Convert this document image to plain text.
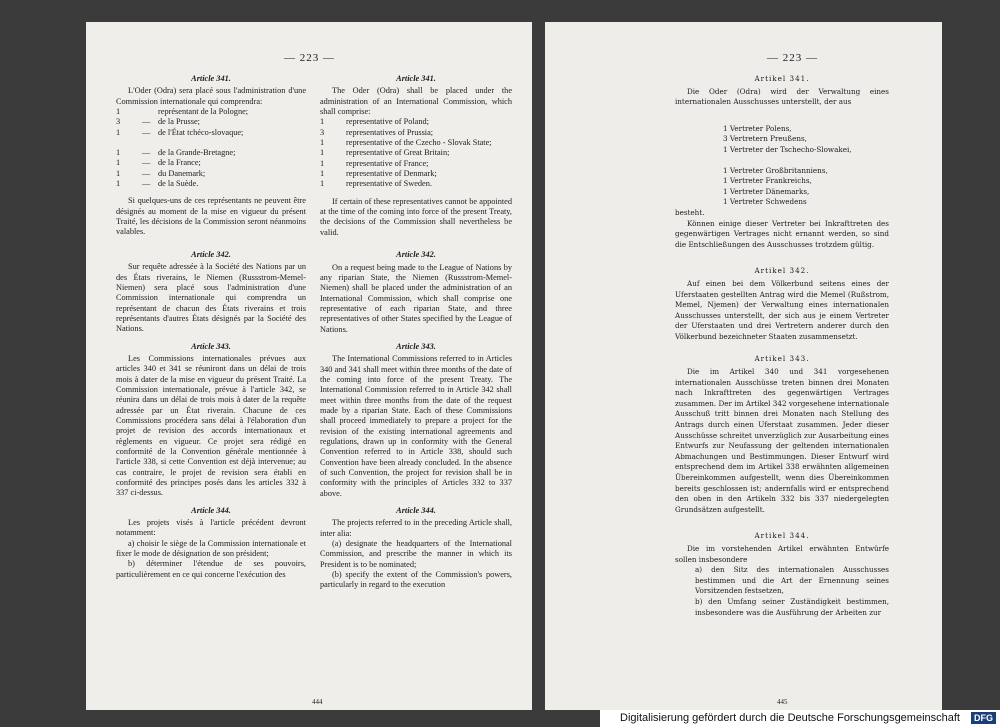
— 223 —

Article 341.

L'Oder (Odra) sera placé sous l'administration d'une Commission internationale qui comprendra:

1	représentant de la Pologne;
3	— de la Prusse;
1	— de l'État tchéco-slovaque;
1	— de la Grande-Bretagne;
1	— de la France;
1	— du Danemark;
1	— de la Suède.

Si quelques-uns de ces représentants ne peuvent être désignés au moment de la mise en vigueur du présent Traité, les décisions de la Commission seront néanmoins valables.

Article 342.

Sur requête adressée à la Société des Nations par un des États riverains, le Niemen (Russstrom-Memel-Niemen) sera placé sous l'administration d'une Commission internationale qui comprendra un représentant de chacun des États riverains et trois représentants d'autres États désignés par la Société des Nations.

Article 343.

Les Commissions internationales prévues aux articles 340 et 341 se réuniront dans un délai de trois mois à dater de la mise en vigueur du présent Traité. La Commission internationale, prévue à l'article 342, se réunira dans un délai de trois mois à dater de la requête adressée par un État riverain. Chacune de ces Commissions procédera sans délai à l'élaboration d'un projet de revision des accords internationaux et règlements en vigueur. Ce projet sera rédigé en conformité de la Convention générale mentionnée à l'article 338, si cette Convention est déjà intervenue; au cas contraire, le projet de revision sera établi en conformité des principes posés dans les articles 332 à 337 ci-dessus.

Article 344.

Les projets visés à l'article précédent devront notamment:

a) choisir le siège de la Commission internationale et fixer le mode de désignation de son président;

b) déterminer l'étendue de ses pouvoirs, particulièrement en ce qui concerne l'exécution des

Article 341.

The Oder (Odra) shall be placed under the administration of an International Commission, which shall comprise:

1	representative of Poland;
3	representatives of Prussia;
1	representative of the Czecho - Slovak State;
1	representative of Great Britain;
1	representative of France;
1	representative of Denmark;
1	representative of Sweden.

If certain of these representatives cannot be appointed at the time of the coming into force of the present Treaty, the decisions of the Commission shall nevertheless be valid.

Article 342.

On a request being made to the League of Nations by any riparian State, the Niemen (Russstrom-Memel-Niemen) shall be placed under the administration of an International Commission, which shall comprise one representative of each riparian State, and three representatives of other States specified by the League of Nations.

Article 343.

The International Commissions referred to in Articles 340 and 341 shall meet within three months of the date of the coming into force of the present Treaty. The International Commission referred to in Article 342 shall meet within three months from the date of the request made by a riparian State. Each of these Commissions shall proceed immediately to prepare a project for the revision of the existing international agreements and regulations, drawn up in conformity with the General Convention referred to in Article 338, should such Convention have been already concluded. In the absence of such Convention, the project for revision shall be in conformity with the principles of Articles 332 to 337 above.

Article 344.

The projects referred to in the preceding Article shall, inter alia:

(a) designate the headquarters of the International Commission, and prescribe the manner in which its President is to be nominated;

(b) specify the extent of the Commission's powers, particularly in regard to the execution

444
— 223 —

Artikel 341.

Die Oder (Odra) wird der Verwaltung eines internationalen Ausschusses unterstellt, der aus

1 Vertreter Polens,
3 Vertretern Preußens,
1 Vertreter der Tschecho-Slowakei,
1 Vertreter Großbritanniens,
1 Vertreter Frankreichs,
1 Vertreter Dänemarks,
1 Vertreter Schwedens

besteht.

Können einige dieser Vertreter bei Inkrafttreten des gegenwärtigen Vertrages nicht ernannt werden, so sind die Entschließungen des Ausschusses trotzdem gültig.

Artikel 342.

Auf einen bei dem Völkerbund seitens eines der Uferstaaten gestellten Antrag wird die Memel (Rußstrom, Memel, Njemen) der Verwaltung eines internationalen Ausschusses unterstellt, der sich aus je einem Vertreter der Uferstaaten und drei Vertretern anderer durch den Völkerbund bezeichneter Staaten zusammensetzt.

Artikel 343.

Die im Artikel 340 und 341 vorgesehenen internationalen Ausschüsse treten binnen drei Monaten nach Inkrafttreten des gegenwärtigen Vertrages zusammen. Der im Artikel 342 vorgesehene internationale Ausschuß tritt binnen drei Monaten nach Stellung des Antrags durch einen Uferstaat zusammen. Jeder dieser Ausschüsse schreitet unverzüglich zur Ausarbeitung eines Entwurfs zur Neufassung der geltenden internationalen Abmachungen und Bestimmungen. Dieser Entwurf wird entsprechend dem im Artikel 338 erwähnten allgemeinen Übereinkommen aufgestellt, wenn dies Übereinkommen bereits geschlossen ist; andernfalls wird er entsprechend den oben in den Artikeln 332 bis 337 niedergelegten Grundsätzen aufgestellt.

Artikel 344.

Die im vorstehenden Artikel erwähnten Entwürfe sollen insbesondere

a) den Sitz des internationalen Ausschusses bestimmen und die Art der Ernennung seines Vorsitzenden festsetzen,

b) den Umfang seiner Zuständigkeit bestimmen, insbesondere was die Ausführung der Arbeiten zur

445
Digitalisierung gefördert durch die Deutsche Forschungsgemeinschaft	DFG
